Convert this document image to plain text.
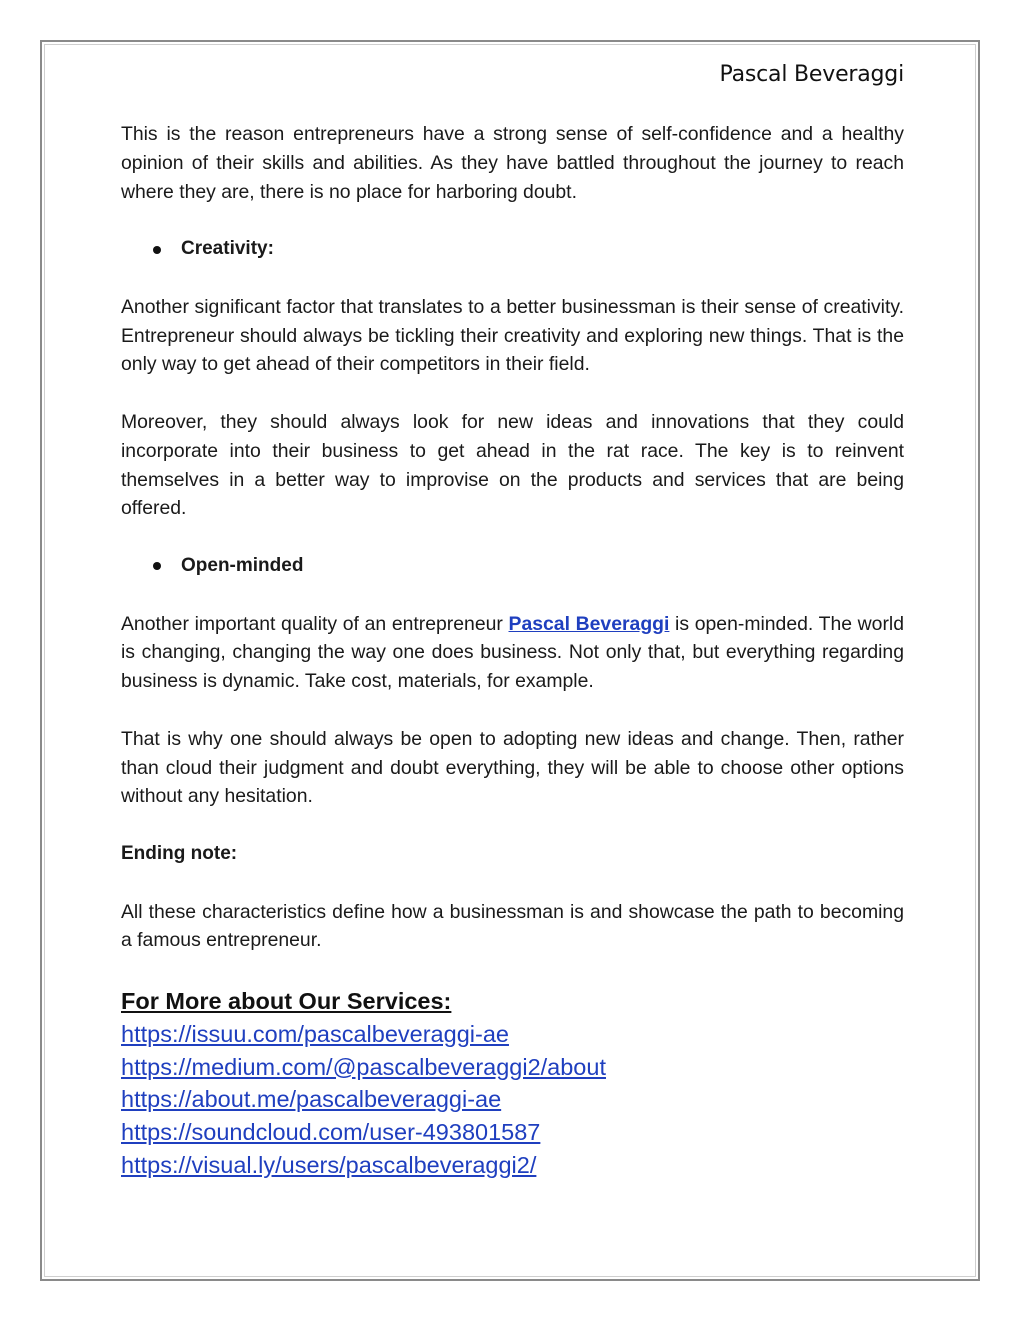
Pascal Beveraggi

This is the reason entrepreneurs have a strong sense of self-confidence and a healthy opinion of their skills and abilities. As they have battled throughout the journey to reach where they are, there is no place for harboring doubt.

Creativity:

Another significant factor that translates to a better businessman is their sense of creativity. Entrepreneur should always be tickling their creativity and exploring new things. That is the only way to get ahead of their competitors in their field.

Moreover, they should always look for new ideas and innovations that they could incorporate into their business to get ahead in the rat race. The key is to reinvent themselves in a better way to improvise on the products and services that are being offered.

Open-minded

Another important quality of an entrepreneur Pascal Beveraggi is open-minded. The world is changing, changing the way one does business. Not only that, but everything regarding business is dynamic. Take cost, materials, for example.

That is why one should always be open to adopting new ideas and change. Then, rather than cloud their judgment and doubt everything, they will be able to choose other options without any hesitation.

Ending note:

All these characteristics define how a businessman is and showcase the path to becoming a famous entrepreneur.

For More about Our Services:
https://issuu.com/pascalbeveraggi-ae
https://medium.com/@pascalbeveraggi2/about
https://about.me/pascalbeveraggi-ae
https://soundcloud.com/user-493801587
https://visual.ly/users/pascalbeveraggi2/
